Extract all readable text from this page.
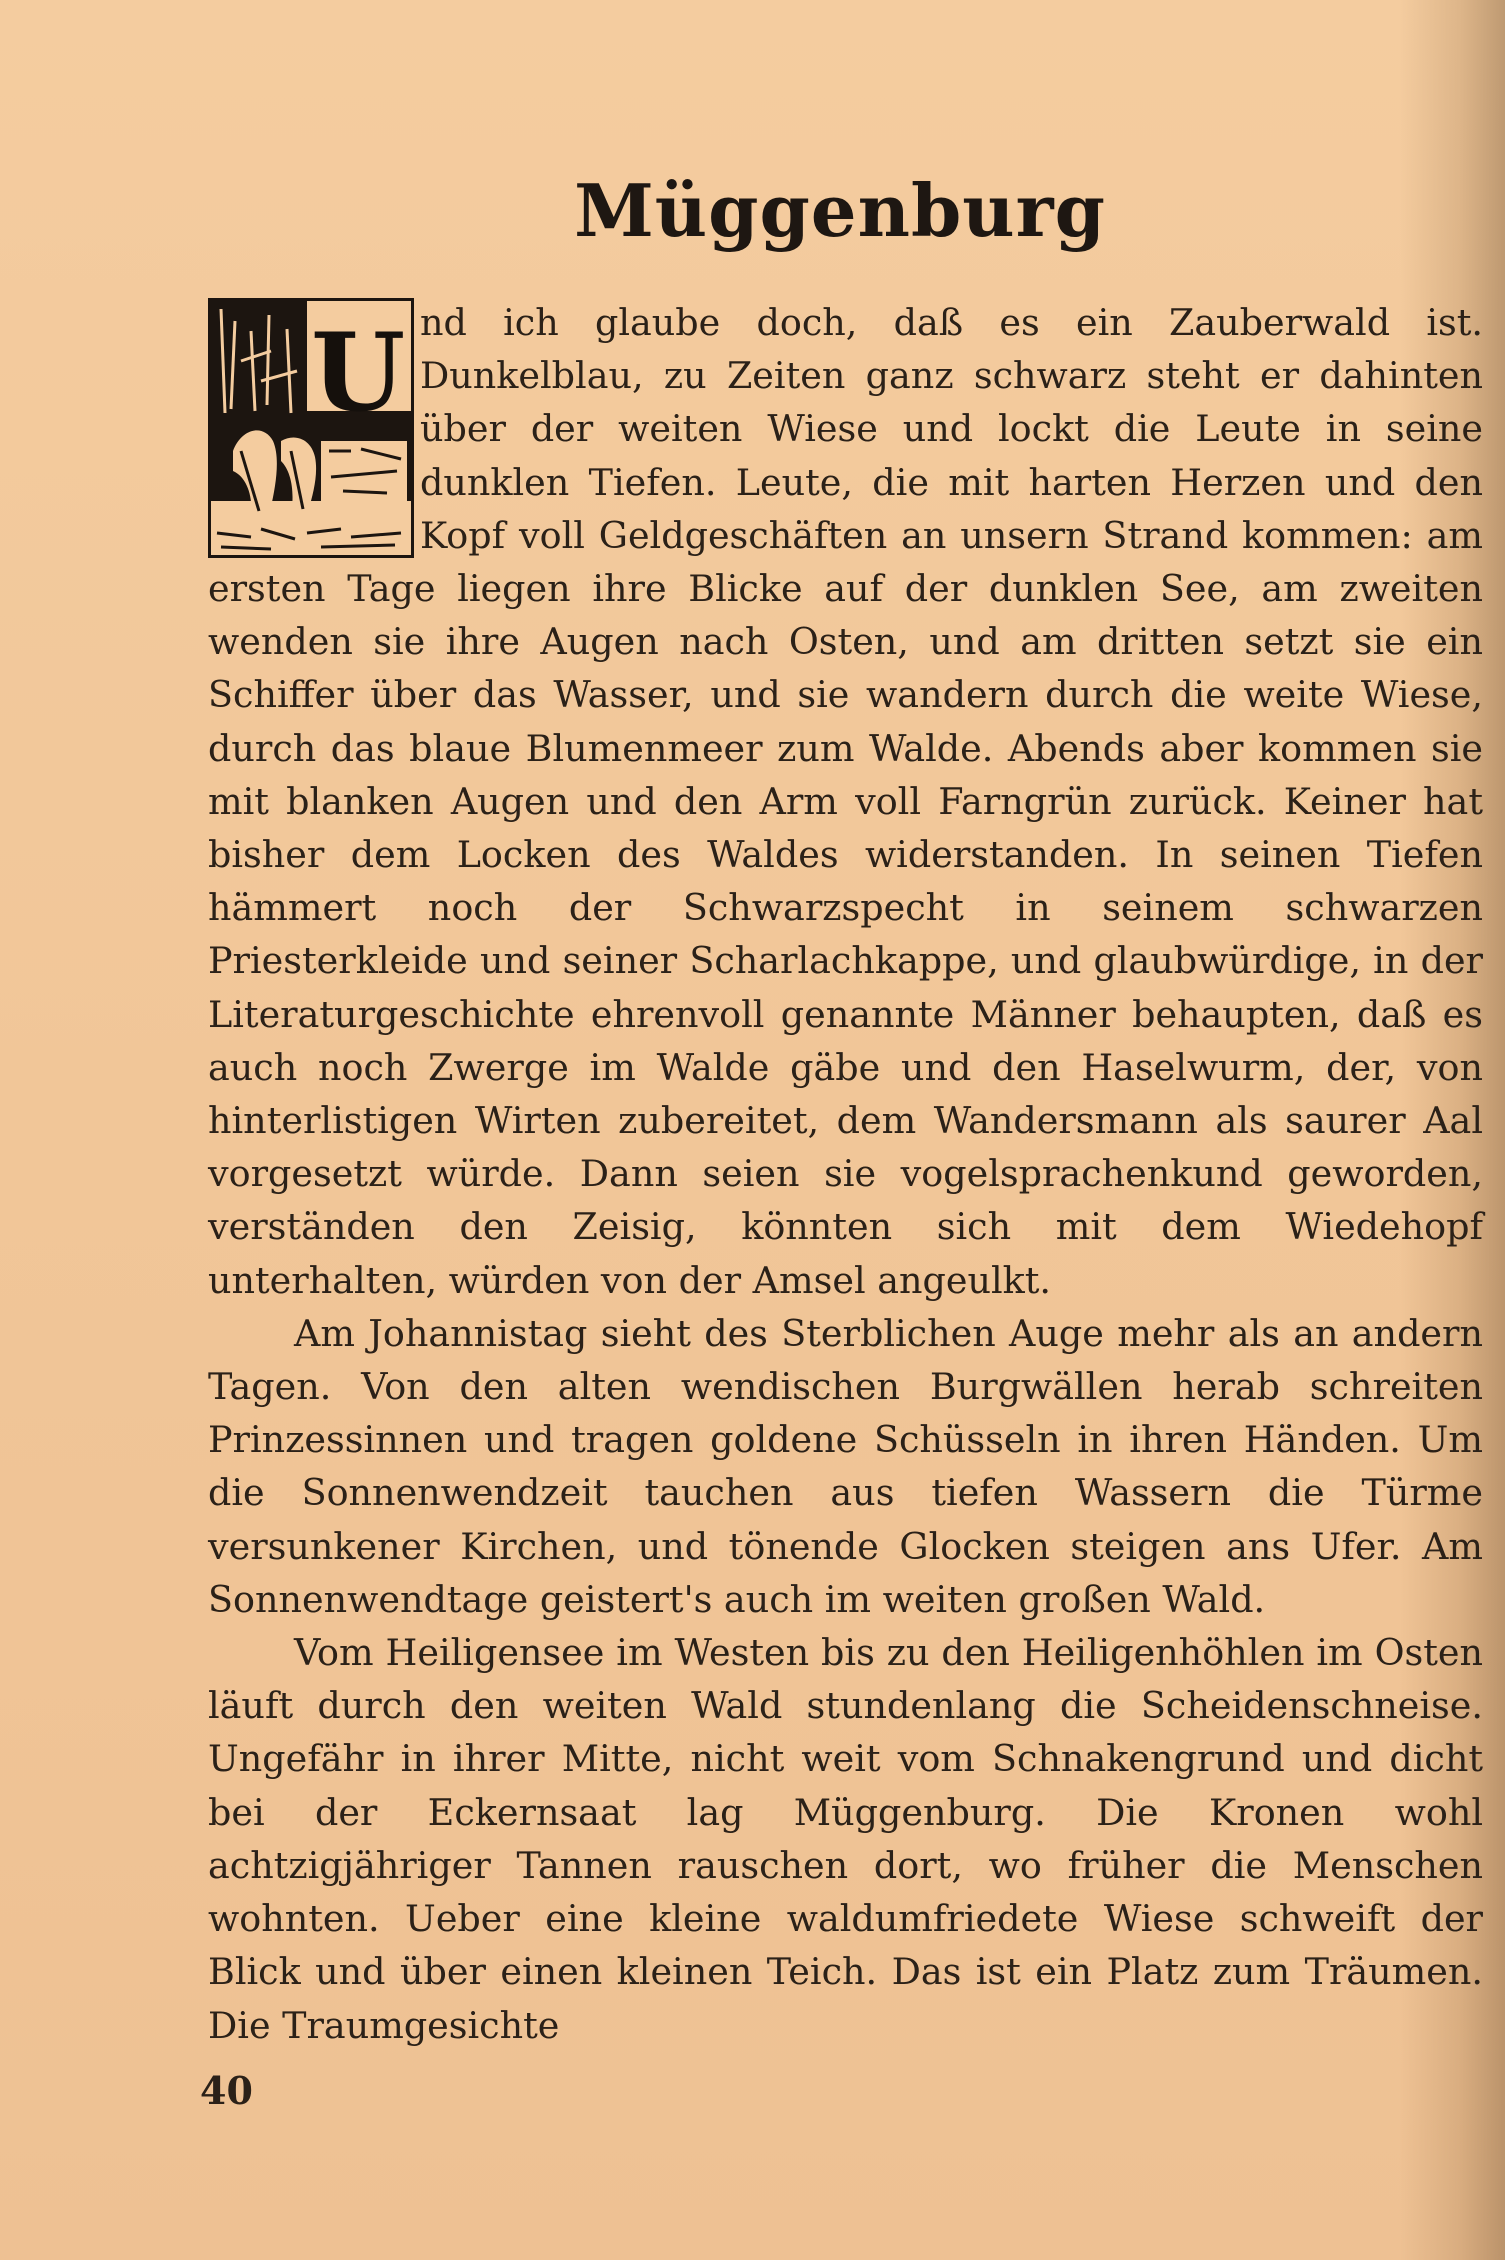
Müggenburg
U nd ich glaube doch, daß es ein Zauberwald ist. Dunkelblau, zu Zeiten ganz schwarz steht er dahinten über der weiten Wiese und lockt die Leute in seine dunklen Tiefen. Leute, die mit harten Herzen und den Kopf voll Geldgeschäften an unsern Strand kommen: am ersten Tage liegen ihre Blicke auf der dunklen See, am zweiten wenden sie ihre Augen nach Osten, und am dritten setzt sie ein Schiffer über das Wasser, und sie wandern durch die weite Wiese, durch das blaue Blumenmeer zum Walde. Abends aber kommen sie mit blanken Augen und den Arm voll Farngrün zurück. Keiner hat bisher dem Locken des Waldes widerstanden. In seinen Tiefen hämmert noch der Schwarzspecht in seinem schwarzen Priesterkleide und seiner Scharlachkappe, und glaubwürdige, in der Literaturgeschichte ehrenvoll genannte Männer behaupten, daß es auch noch Zwerge im Walde gäbe und den Haselwurm, der, von hinterlistigen Wirten zubereitet, dem Wandersmann als saurer Aal vorgesetzt würde. Dann seien sie vogelsprachenkund geworden, verständen den Zeisig, könnten sich mit dem Wiedehopf unterhalten, würden von der Amsel angeulkt.

Am Johannistag sieht des Sterblichen Auge mehr als an andern Tagen. Von den alten wendischen Burgwällen herab schreiten Prinzessinnen und tragen goldene Schüsseln in ihren Händen. Um die Sonnenwendzeit tauchen aus tiefen Wassern die Türme versunkener Kirchen, und tönende Glocken steigen ans Ufer. Am Sonnenwendtage geistert's auch im weiten großen Wald.

Vom Heiligensee im Westen bis zu den Heiligenhöhlen im Osten läuft durch den weiten Wald stundenlang die Scheidenschneise. Ungefähr in ihrer Mitte, nicht weit vom Schnakengrund und dicht bei der Eckernsaat lag Müggenburg. Die Kronen wohl achtzigjähriger Tannen rauschen dort, wo früher die Menschen wohnten. Ueber eine kleine waldumfriedete Wiese schweift der Blick und über einen kleinen Teich. Das ist ein Platz zum Träumen. Die Traumgesichte

40
